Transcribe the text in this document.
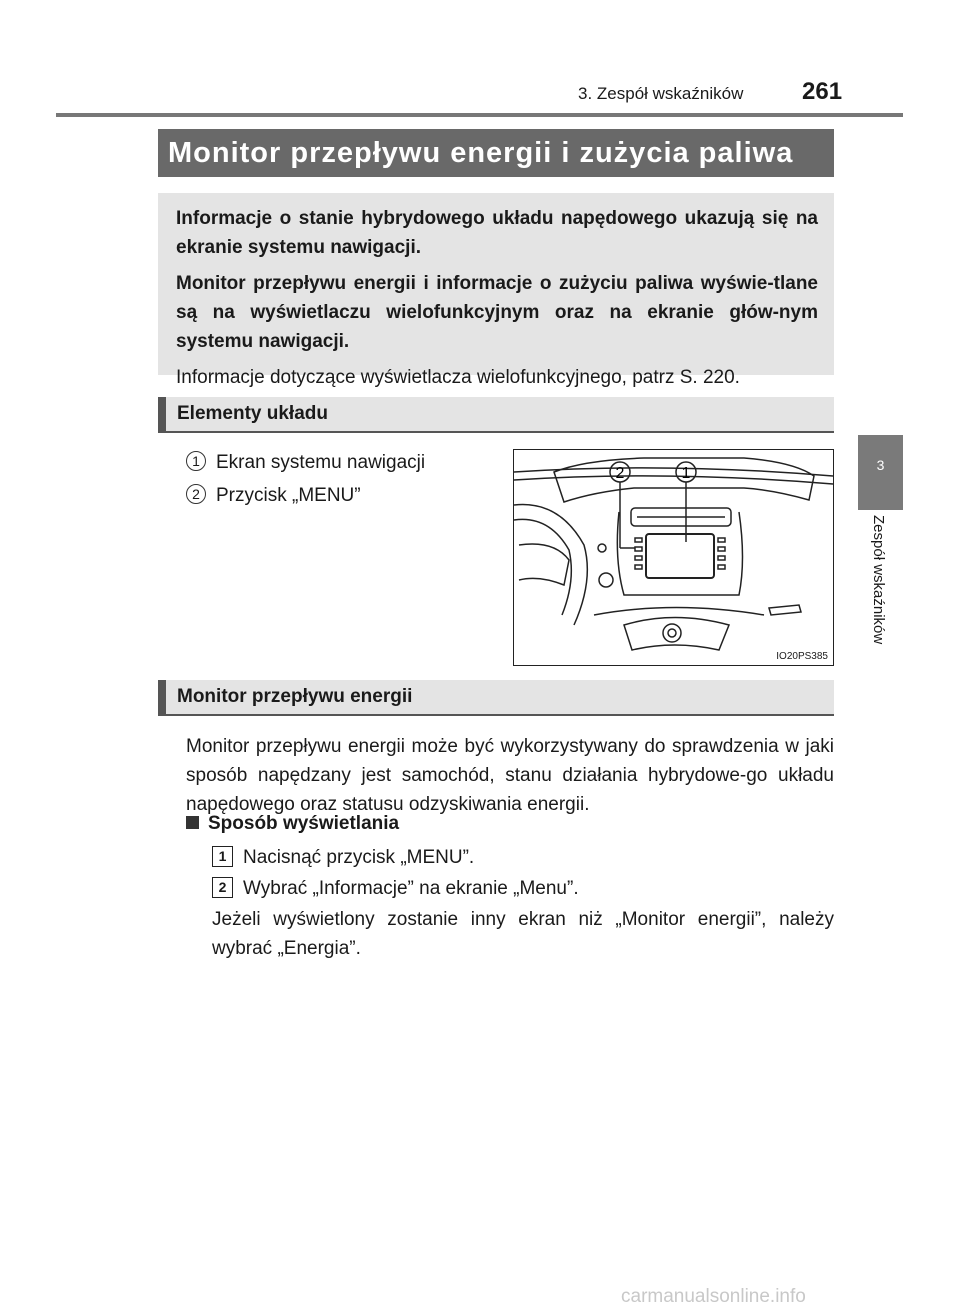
3. Zespół wskaźników 261
3
Zespół wskaźników
Monitor przepływu energii i zużycia paliwa

Informacje o stanie hybrydowego układu napędowego ukazują się na ekranie systemu nawigacji.

Monitor przepływu energii i informacje o zużyciu paliwa wyświe-tlane są na wyświetlaczu wielofunkcyjnym oraz na ekranie głów-nym systemu nawigacji.

Informacje dotyczące wyświetlacza wielofunkcyjnego, patrz S. 220.

Elementy układu
1 Ekran systemu nawigacji
2 Przycisk „MENU”
2	1
IO20PS385
Monitor przepływu energii
Monitor przepływu energii może być wykorzystywany do sprawdzenia w jaki sposób napędzany jest samochód, stanu działania hybrydowe-go układu napędowego oraz statusu odzyskiwania energii.
Sposób wyświetlania
1 Nacisnąć przycisk „MENU”.
2 Wybrać „Informacje” na ekranie „Menu”.
Jeżeli wyświetlony zostanie inny ekran niż „Monitor energii”, należy wybrać „Energia”.
carmanualsonline.info
